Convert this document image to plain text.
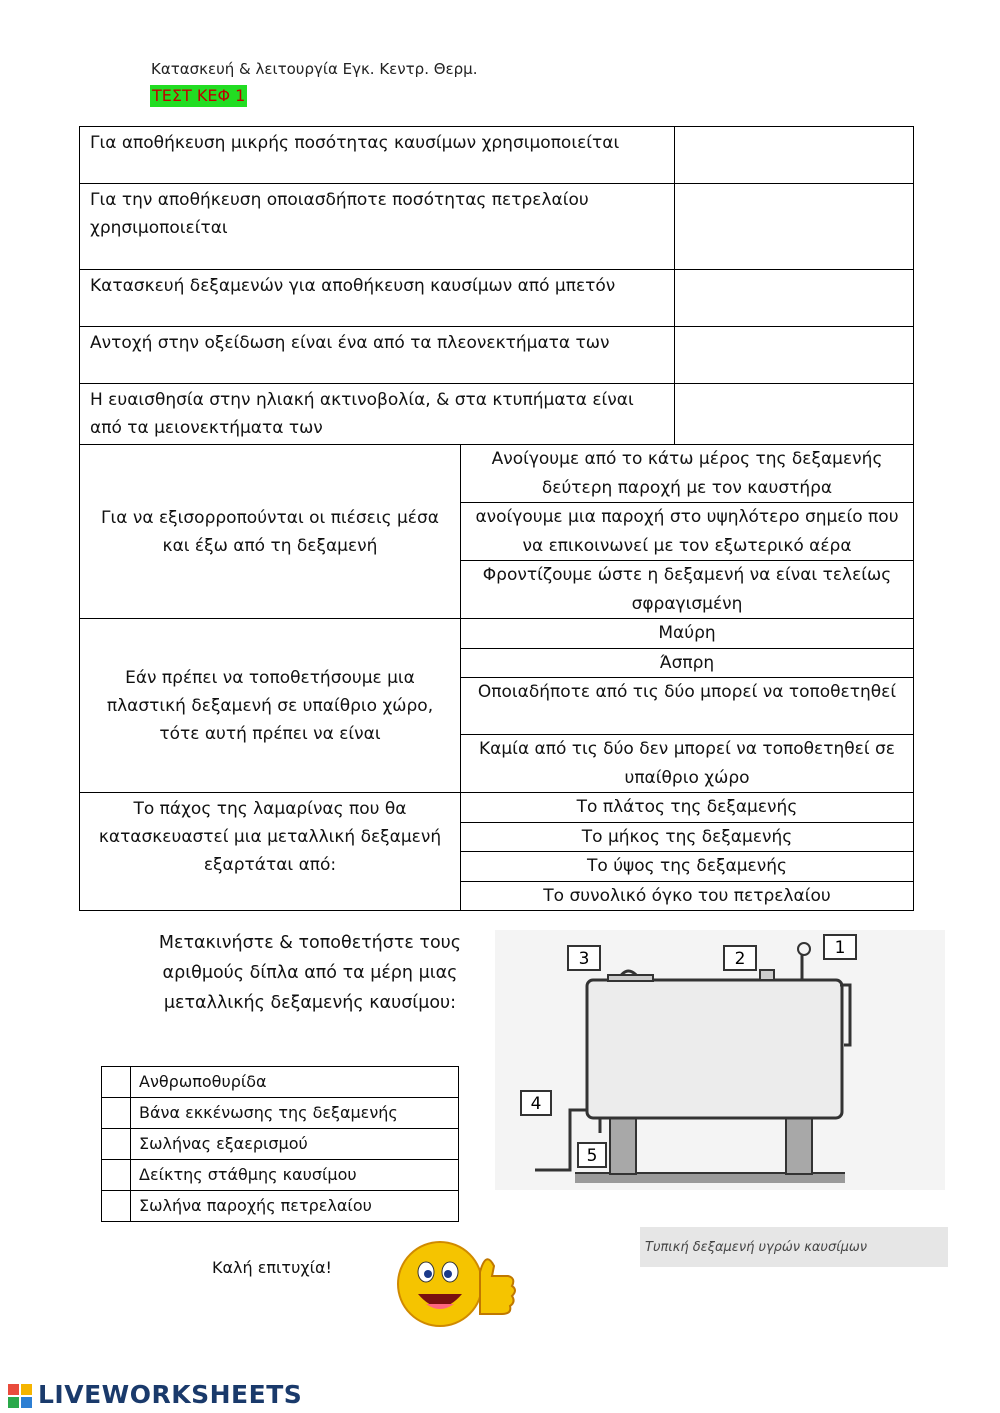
Κατασκευή & λειτουργία Εγκ. Κεντρ. Θερμ.
ΤΕΣΤ ΚΕΦ 1
Για αποθήκευση μικρής ποσότητας καυσίμων χρησιμοποιείται		
Για την αποθήκευση οποιασδήποτε ποσότητας πετρελαίου χρησιμοποιείται		
Κατασκευή δεξαμενών για αποθήκευση καυσίμων από μπετόν		
Αντοχή στην οξείδωση είναι ένα από τα πλεονεκτήματα των		
Η ευαισθησία στην ηλιακή ακτινοβολία, & στα κτυπήματα είναι από τα μειονεκτήματα των		
Για να εξισορροπούνται οι πιέσεις μέσα και έξω από τη δεξαμενή	Ανοίγουμε από το κάτω μέρος της δεξαμενής δεύτερη παροχή με τον καυστήρα	
	ανοίγουμε μια παροχή στο υψηλότερο σημείο που να επικοινωνεί με τον εξωτερικό αέρα	
	Φροντίζουμε ώστε η δεξαμενή να είναι τελείως σφραγισμένη	
Εάν πρέπει να τοποθετήσουμε μια πλαστική δεξαμενή σε υπαίθριο χώρο, τότε αυτή πρέπει να είναι	Μαύρη	
	Άσπρη	
	Οποιαδήποτε από τις δύο μπορεί να τοποθετηθεί	
	Καμία από τις δύο δεν μπορεί να τοποθετηθεί σε υπαίθριο χώρο	
Το πάχος της λαμαρίνας που θα κατασκευαστεί μια μεταλλική δεξαμενή εξαρτάται από:	Το πλάτος της δεξαμενής	
	Το μήκος της δεξαμενής	
	Το ύψος της δεξαμενής	
	Το συνολικό όγκο του πετρελαίου	
Μετακινήστε & τοποθετήστε τους αριθμούς δίπλα από τα μέρη μιας μεταλλικής δεξαμενής καυσίμου:
	Ανθρωποθυρίδα
	Βάνα εκκένωσης της δεξαμενής
	Σωλήνας εξαερισμού
	Δείκτης στάθμης καυσίμου
	Σωλήνα παροχής πετρελαίου
1
2
3
4
5
Τυπική δεξαμενή υγρών καυσίμων
Καλή επιτυχία!
LIVEWORKSHEETS
